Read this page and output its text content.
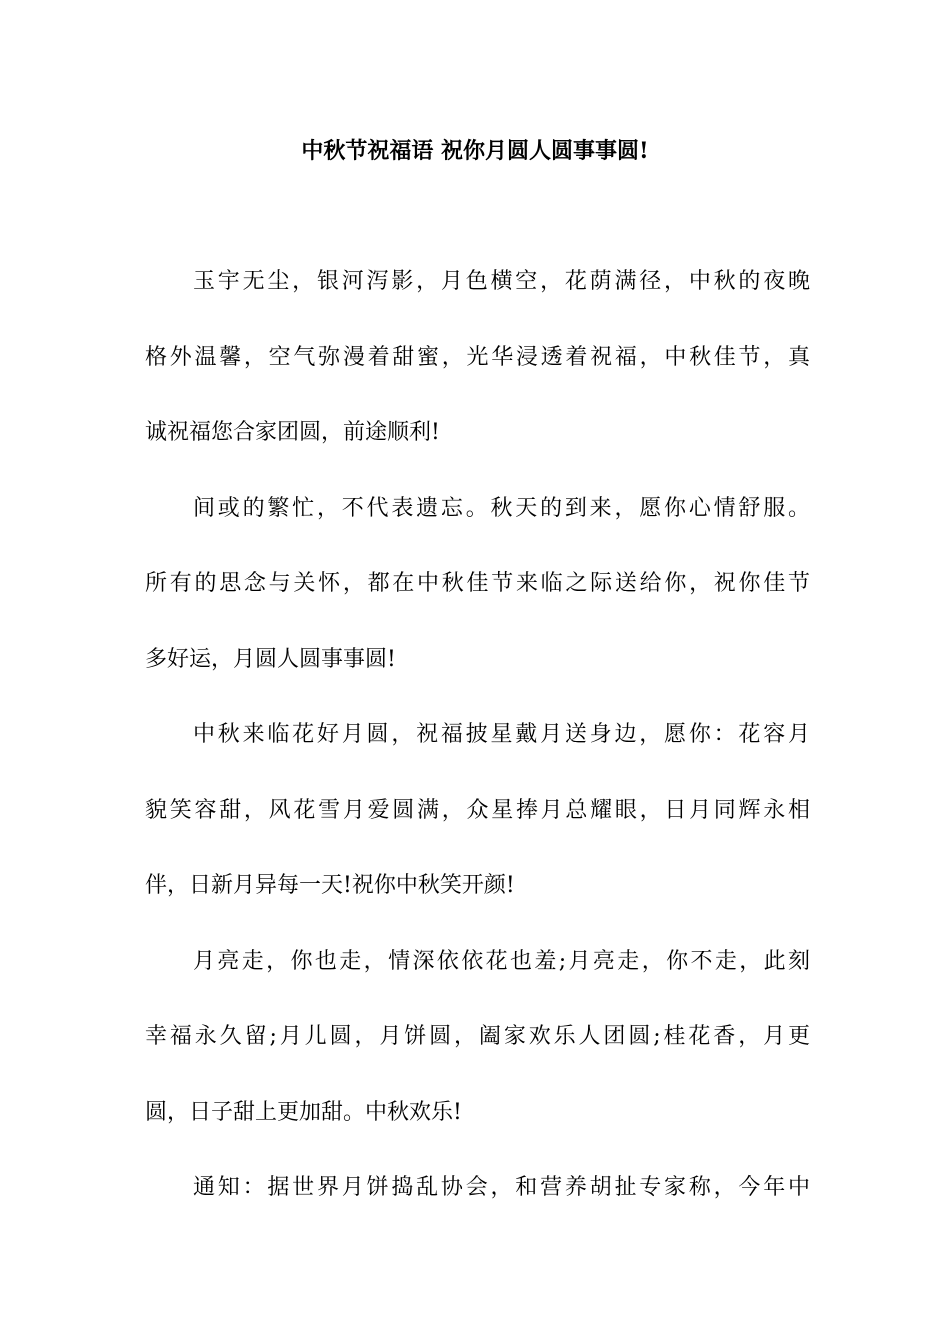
中秋节祝福语 祝你月圆人圆事事圆!
玉宇无尘，银河泻影，月色横空，花荫满径，中秋的夜晚
格外温馨，空气弥漫着甜蜜，光华浸透着祝福，中秋佳节，真
诚祝福您合家团圆，前途顺利!
间或的繁忙，不代表遗忘。秋天的到来，愿你心情舒服。
所有的思念与关怀，都在中秋佳节来临之际送给你，祝你佳节
多好运，月圆人圆事事圆!
中秋来临花好月圆，祝福披星戴月送身边，愿你：花容月
貌笑容甜，风花雪月爱圆满，众星捧月总耀眼，日月同辉永相
伴，日新月异每一天!祝你中秋笑开颜!
月亮走，你也走，情深依依花也羞;月亮走，你不走，此刻
幸福永久留;月儿圆，月饼圆，阖家欢乐人团圆;桂花香，月更
圆，日子甜上更加甜。中秋欢乐!
通知：据世界月饼捣乱协会，和营养胡扯专家称，今年中
